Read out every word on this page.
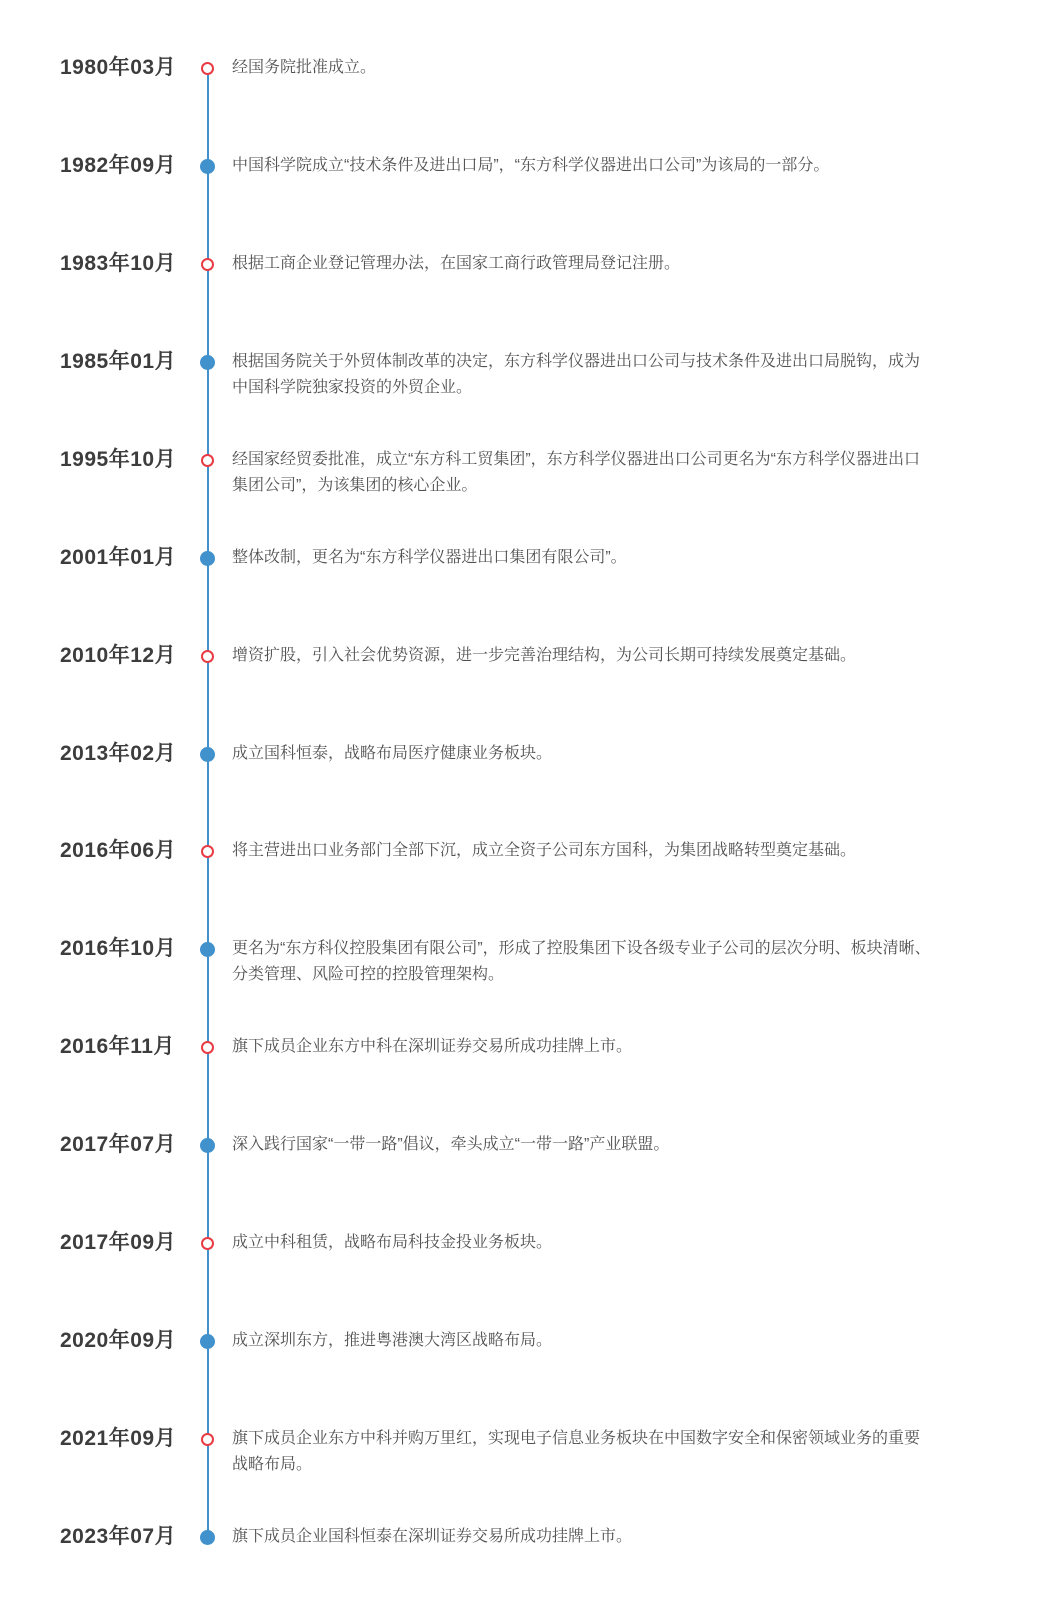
1980年03月	经国务院批准成立。
1982年09月	中国科学院成立“技术条件及进出口局”，“东方科学仪器进出口公司”为该局的一部分。
1983年10月	根据工商企业登记管理办法，在国家工商行政管理局登记注册。
1985年01月	根据国务院关于外贸体制改革的决定，东方科学仪器进出口公司与技术条件及进出口局脱钩，成为中国科学院独家投资的外贸企业。
1995年10月	经国家经贸委批准，成立“东方科工贸集团”，东方科学仪器进出口公司更名为“东方科学仪器进出口集团公司”，为该集团的核心企业。
2001年01月	整体改制，更名为“东方科学仪器进出口集团有限公司”。
2010年12月	增资扩股，引入社会优势资源，进一步完善治理结构，为公司长期可持续发展奠定基础。
2013年02月	成立国科恒泰，战略布局医疗健康业务板块。
2016年06月	将主营进出口业务部门全部下沉，成立全资子公司东方国科，为集团战略转型奠定基础。
2016年10月	更名为“东方科仪控股集团有限公司”，形成了控股集团下设各级专业子公司的层次分明、板块清晰、分类管理、风险可控的控股管理架构。
2016年11月	旗下成员企业东方中科在深圳证券交易所成功挂牌上市。
2017年07月	深入践行国家“一带一路”倡议，牵头成立“一带一路”产业联盟。
2017年09月	成立中科租赁，战略布局科技金投业务板块。
2020年09月	成立深圳东方，推进粤港澳大湾区战略布局。
2021年09月	旗下成员企业东方中科并购万里红，实现电子信息业务板块在中国数字安全和保密领域业务的重要战略布局。
2023年07月	旗下成员企业国科恒泰在深圳证券交易所成功挂牌上市。
